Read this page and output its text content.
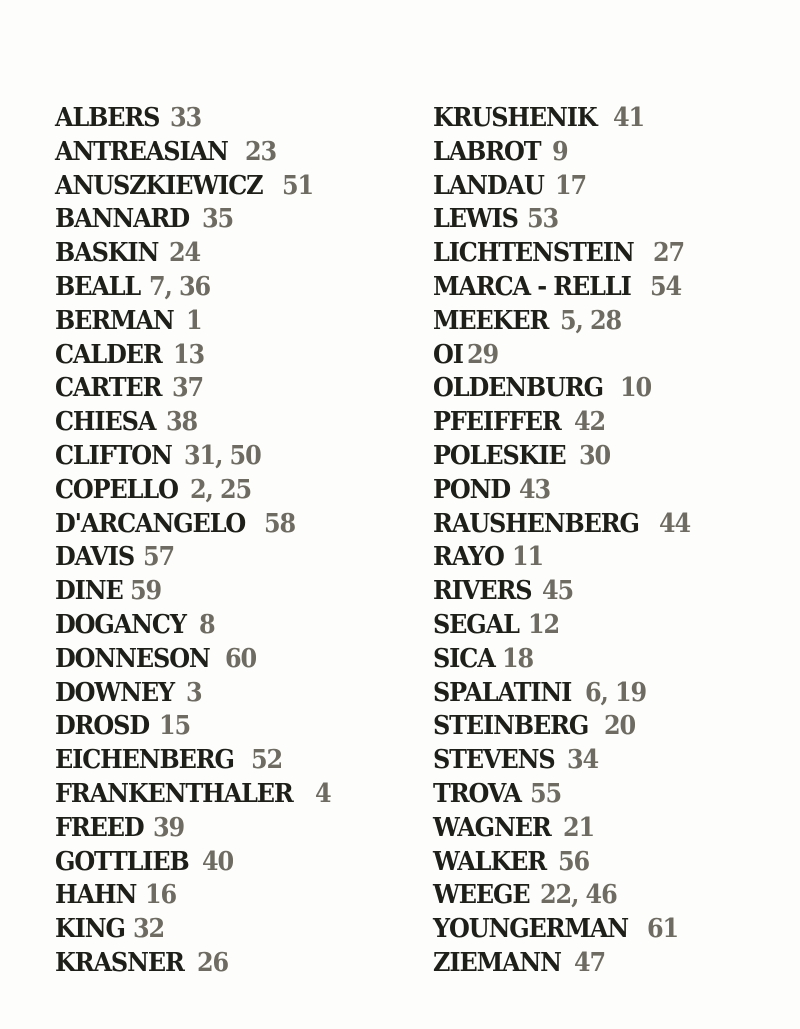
ALBERS 33
ANTREASIAN 23
ANUSZKIEWICZ 51
BANNARD 35
BASKIN 24
BEALL 7, 36
BERMAN 1
CALDER 13
CARTER 37
CHIESA 38
CLIFTON 31, 50
COPELLO 2, 25
D'ARCANGELO 58
DAVIS 57
DINE 59
DOGANCY 8
DONNESON 60
DOWNEY 3
DROSD 15
EICHENBERG 52
FRANKENTHALER 4
FREED 39
GOTTLIEB 40
HAHN 16
KING 32
KRASNER 26
KRUSHENIK 41
LABROT 9
LANDAU 17
LEWIS 53
LICHTENSTEIN 27
MARCA - RELLI 54
MEEKER 5, 28
OI 29
OLDENBURG 10
PFEIFFER 42
POLESKIE 30
POND 43
RAUSHENBERG 44
RAYO 11
RIVERS 45
SEGAL 12
SICA 18
SPALATINI 6, 19
STEINBERG 20
STEVENS 34
TROVA 55
WAGNER 21
WALKER 56
WEEGE 22, 46
YOUNGERMAN 61
ZIEMANN 47
